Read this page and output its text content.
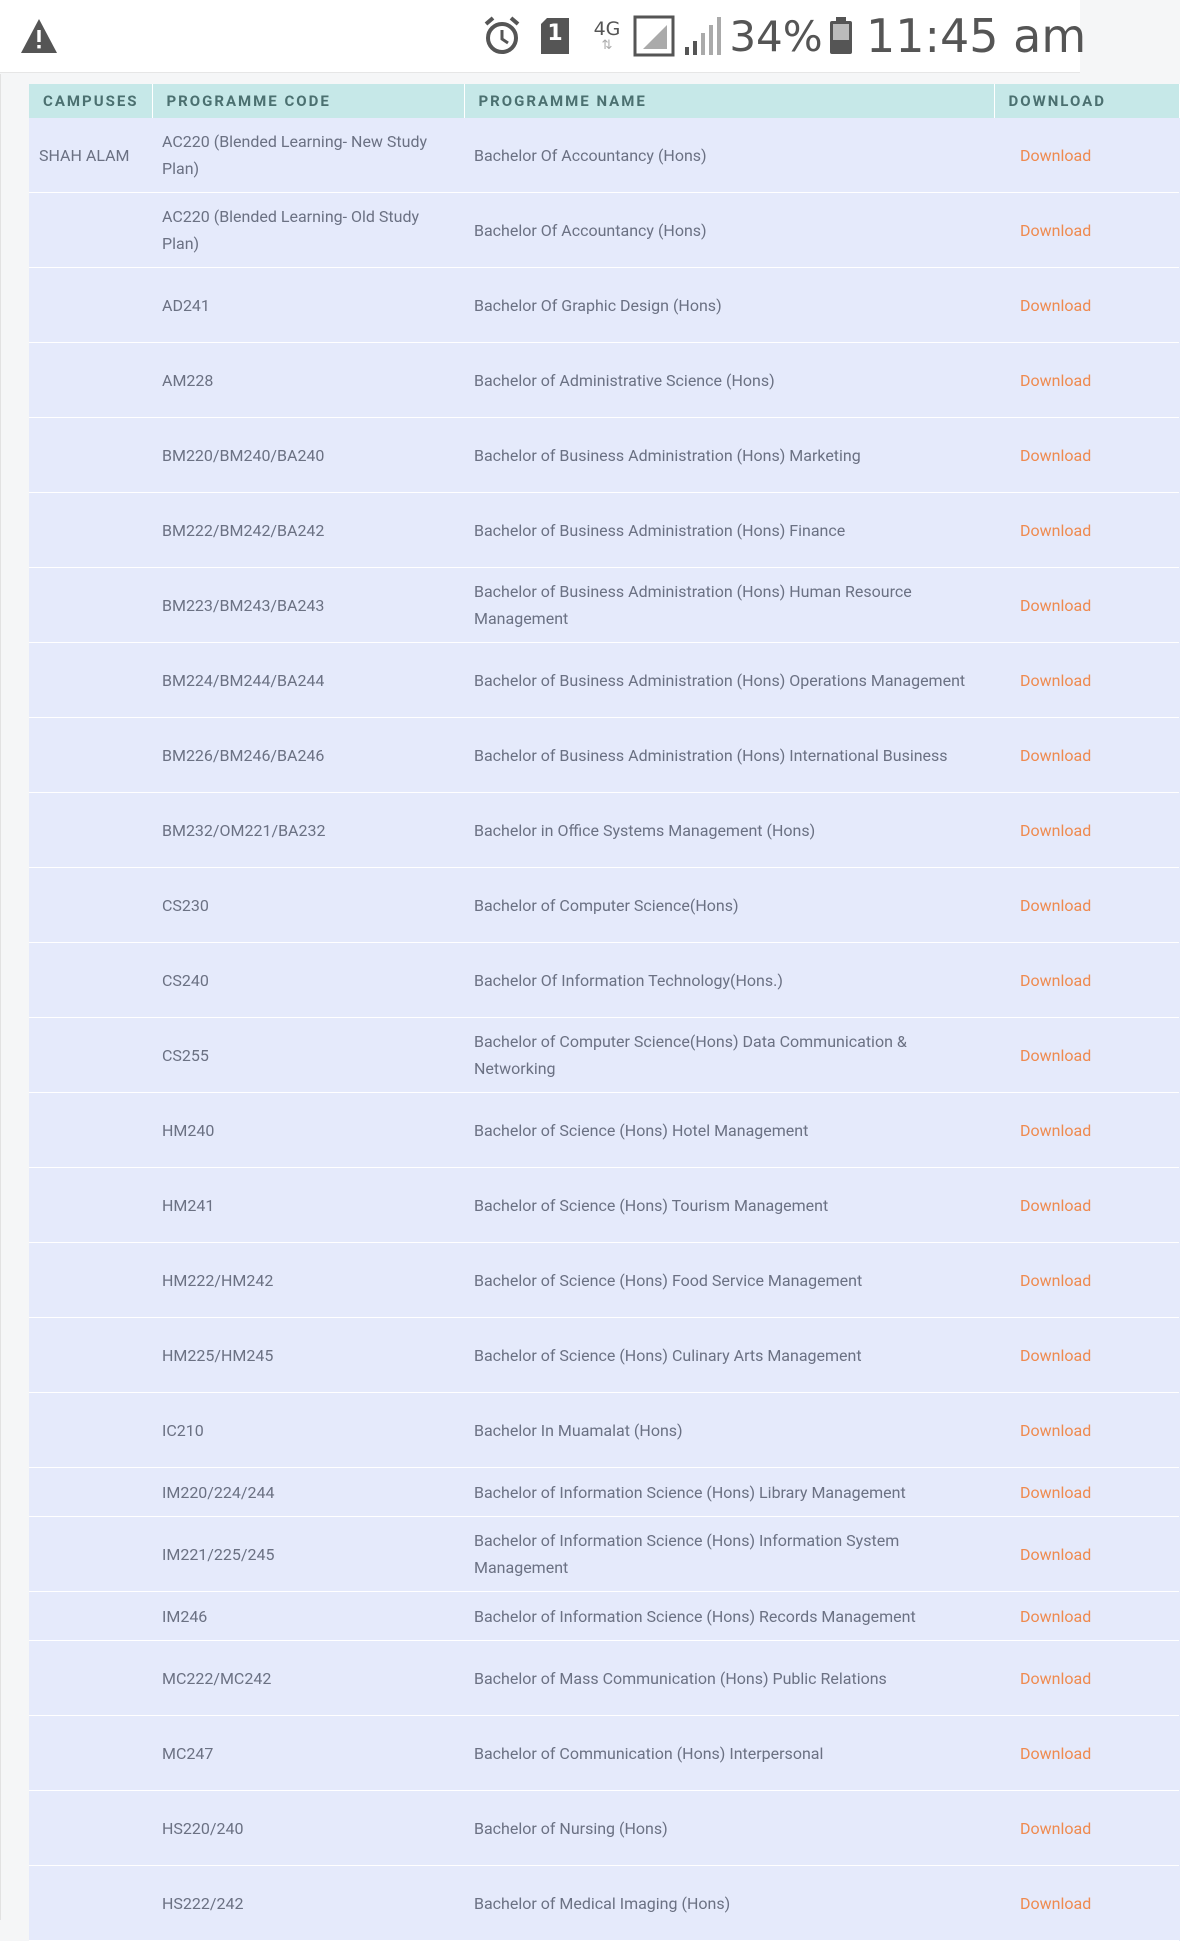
1	4G
⇅	34% 11:45 am
CAMPUSES	PROGRAMME CODE	PROGRAMME NAME	DOWNLOAD
SHAH ALAM	AC220 (Blended Learning- New Study Plan)	Bachelor Of Accountancy (Hons)	Download
	AC220 (Blended Learning- Old Study Plan)	Bachelor Of Accountancy (Hons)	Download
	AD241	Bachelor Of Graphic Design (Hons)	Download
	AM228	Bachelor of Administrative Science (Hons)	Download
	BM220/BM240/BA240	Bachelor of Business Administration (Hons) Marketing	Download
	BM222/BM242/BA242	Bachelor of Business Administration (Hons) Finance	Download
	BM223/BM243/BA243	Bachelor of Business Administration (Hons) Human Resource Management	Download
	BM224/BM244/BA244	Bachelor of Business Administration (Hons) Operations Management	Download
	BM226/BM246/BA246	Bachelor of Business Administration (Hons) International Business	Download
	BM232/OM221/BA232	Bachelor in Office Systems Management (Hons)	Download
	CS230	Bachelor of Computer Science(Hons)	Download
	CS240	Bachelor Of Information Technology(Hons.)	Download
	CS255	Bachelor of Computer Science(Hons) Data Communication & Networking	Download
	HM240	Bachelor of Science (Hons) Hotel Management	Download
	HM241	Bachelor of Science (Hons) Tourism Management	Download
	HM222/HM242	Bachelor of Science (Hons) Food Service Management	Download
	HM225/HM245	Bachelor of Science (Hons) Culinary Arts Management	Download
	IC210	Bachelor In Muamalat (Hons)	Download
	IM220/224/244	Bachelor of Information Science (Hons) Library Management	Download
	IM221/225/245	Bachelor of Information Science (Hons) Information System Management	Download
	IM246	Bachelor of Information Science (Hons) Records Management	Download
	MC222/MC242	Bachelor of Mass Communication (Hons) Public Relations	Download
	MC247	Bachelor of Communication (Hons) Interpersonal	Download
	HS220/240	Bachelor of Nursing (Hons)	Download
	HS222/242	Bachelor of Medical Imaging (Hons)	Download
